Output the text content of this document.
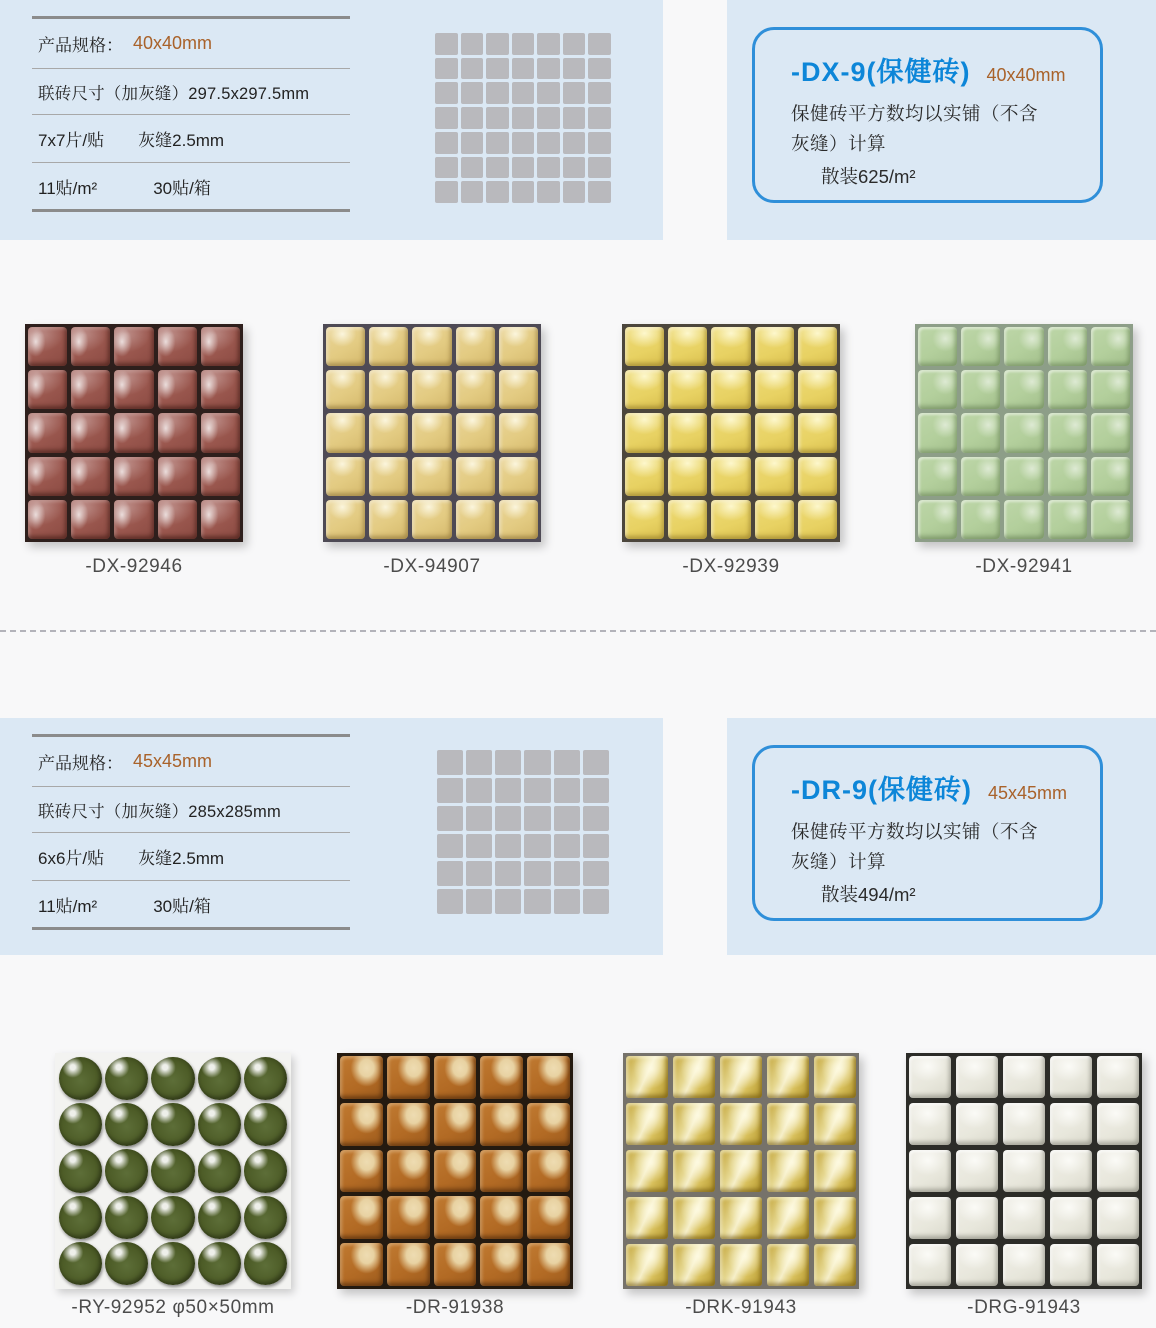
产品规格： 40x40mm
联砖尺寸（加灰缝）297.5x297.5mm
7x7片/贴 灰缝2.5mm
11贴/m²	30贴/箱
-DX-9(保健砖) 40x40mm
保健砖平方数均以实铺（不含
灰缝）计算
散装625/m²
-DX-92946	-DX-94907	-DX-92939	-DX-92941
产品规格： 45x45mm
联砖尺寸（加灰缝）285x285mm
6x6片/贴 灰缝2.5mm
11贴/m²	30贴/箱
-DR-9(保健砖) 45x45mm
保健砖平方数均以实铺（不含
灰缝）计算
散装494/m²
-RY-92952 φ50×50mm	-DR-91938	-DRK-91943	-DRG-91943
